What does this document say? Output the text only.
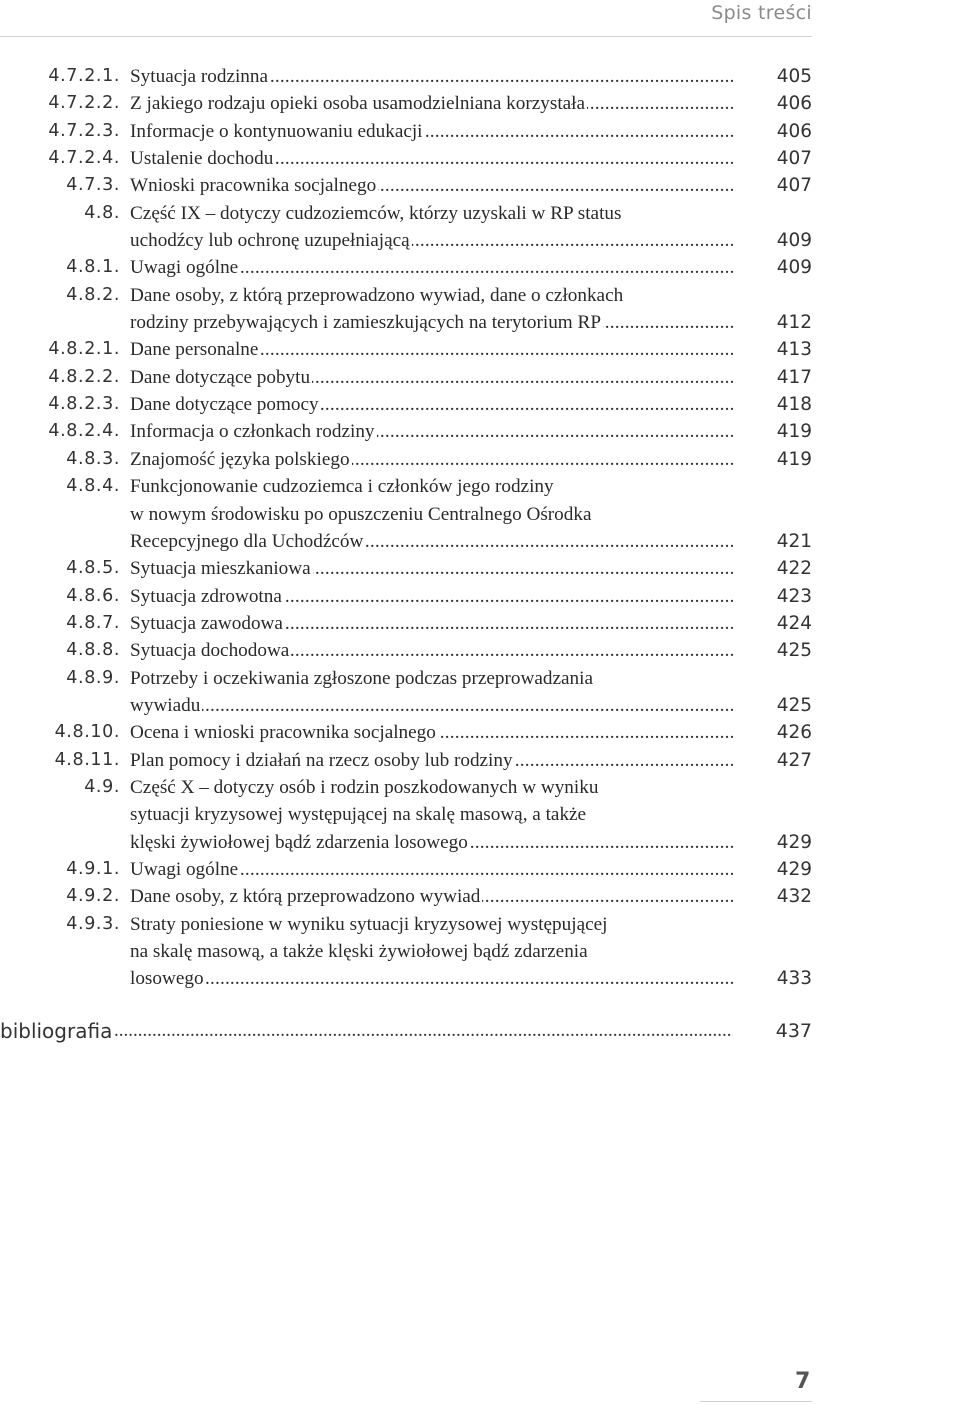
Spis treści
4.7.2.1. Sytuacja rodzinna .....	405
4.7.2.2. Z jakiego rodzaju opieki osoba usamodzielniana korzystała .....	406
4.7.2.3. Informacje o kontynuowaniu edukacji .....	406
4.7.2.4. Ustalenie dochodu .....	407
4.7.3. Wnioski pracownika socjalnego .....	407
4.8. Część IX – dotyczy cudzoziemców, którzy uzyskali w RP status
uchodźcy lub ochronę uzupełniającą .....	409
4.8.1. Uwagi ogólne .....	409
4.8.2. Dane osoby, z którą przeprowadzono wywiad, dane o członkach
rodziny przebywających i zamieszkujących na terytorium RP .....	412
4.8.2.1. Dane personalne .....	413
4.8.2.2. Dane dotyczące pobytu .....	417
4.8.2.3. Dane dotyczące pomocy .....	418
4.8.2.4. Informacja o członkach rodziny .....	419
4.8.3. Znajomość języka polskiego .....	419
4.8.4. Funkcjonowanie cudzoziemca i członków jego rodziny
w nowym środowisku po opuszczeniu Centralnego Ośrodka
Recepcyjnego dla Uchodźców .....	421
4.8.5. Sytuacja mieszkaniowa .....	422
4.8.6. Sytuacja zdrowotna .....	423
4.8.7. Sytuacja zawodowa .....	424
4.8.8. Sytuacja dochodowa .....	425
4.8.9. Potrzeby i oczekiwania zgłoszone podczas przeprowadzania
wywiadu .....	425
4.8.10. Ocena i wnioski pracownika socjalnego .....	426
4.8.11. Plan pomocy i działań na rzecz osoby lub rodziny .....	427
4.9. Część X – dotyczy osób i rodzin poszkodowanych w wyniku
sytuacji kryzysowej występującej na skalę masową, a także
klęski żywiołowej bądź zdarzenia losowego .....	429
4.9.1. Uwagi ogólne .....	429
4.9.2. Dane osoby, z którą przeprowadzono wywiad .....	432
4.9.3. Straty poniesione w wyniku sytuacji kryzysowej występującej
na skalę masową, a także klęski żywiołowej bądź zdarzenia
losowego .....	433
bibliografia .....	437
7
